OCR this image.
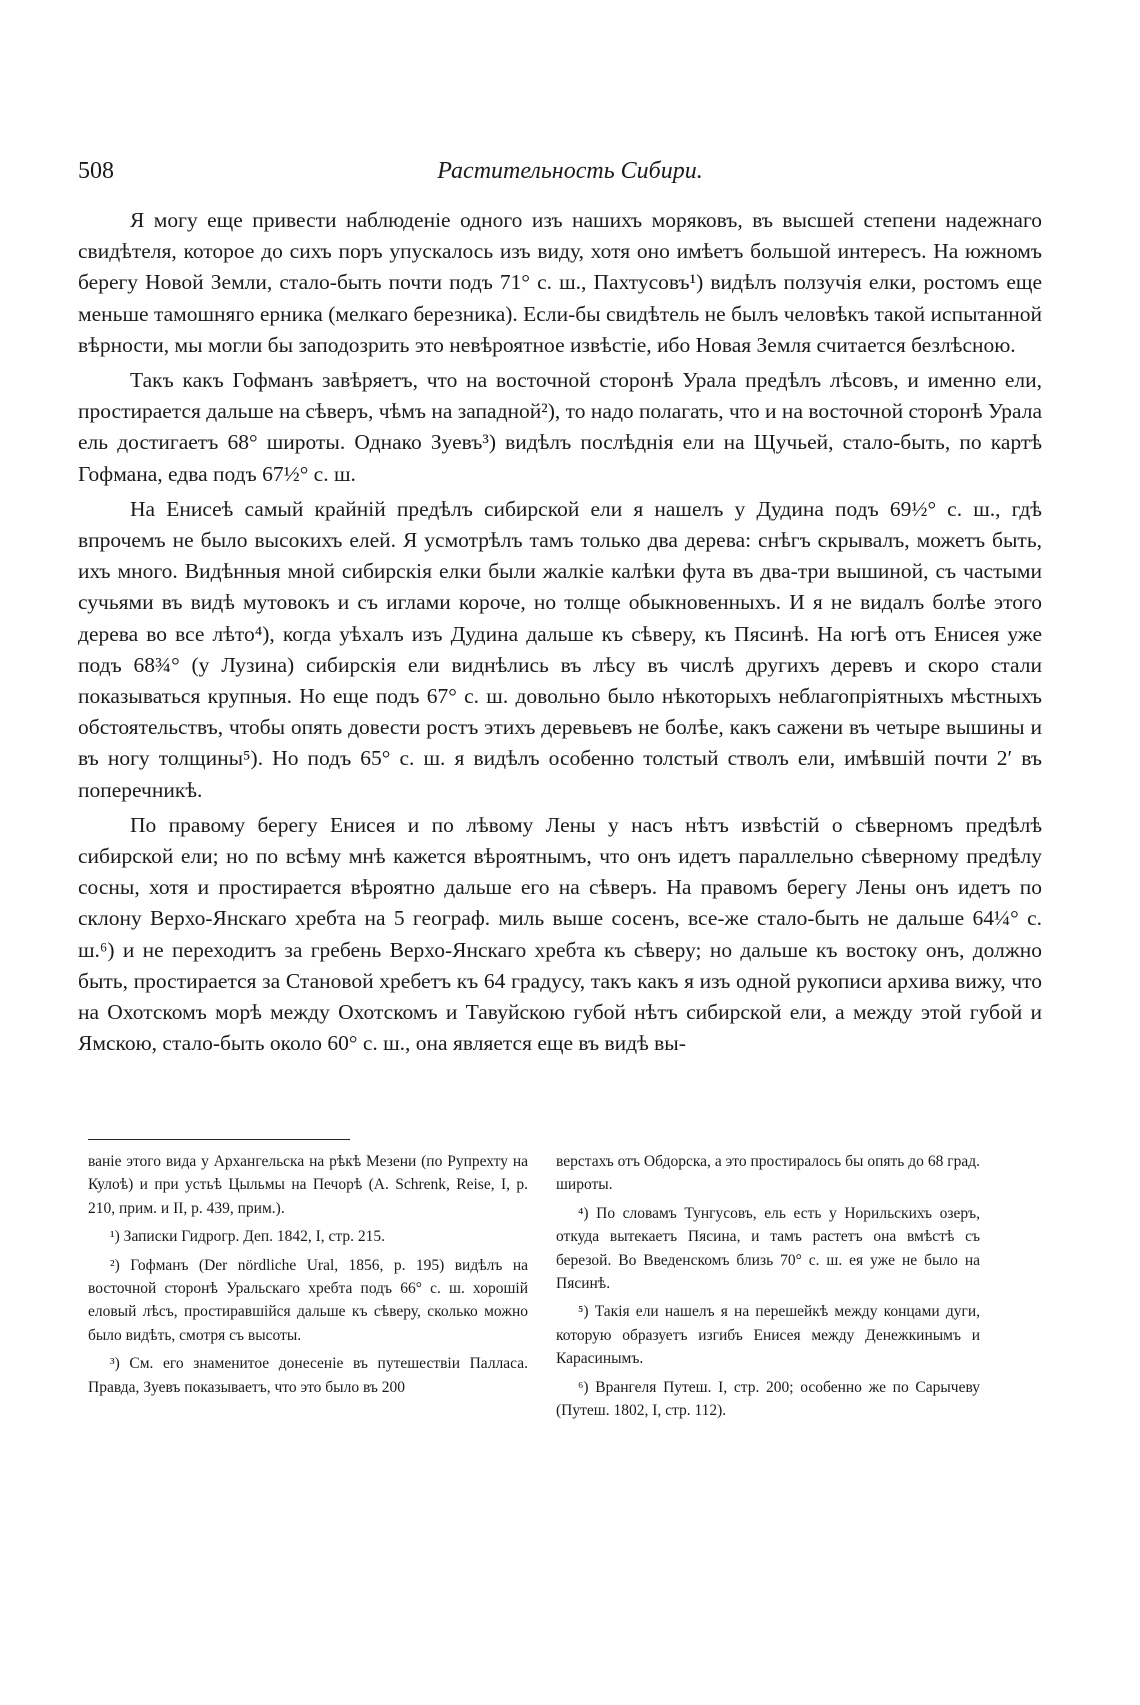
508	Растительность Сибири.

Я могу еще привести наблюденіе одного изъ нашихъ моряковъ, въ высшей степени надежнаго свидѣтеля, которое до сихъ поръ упускалось изъ виду, хотя оно имѣетъ большой интересъ. На южномъ берегу Новой Земли, стало-быть почти подъ 71° с. ш., Пахтусовъ¹) видѣлъ ползучія елки, ростомъ еще меньше тамошняго ерника (мелкаго березника). Если-бы свидѣтель не былъ человѣкъ такой испытанной вѣрности, мы могли бы заподозрить это невѣроятное извѣстіе, ибо Новая Земля считается безлѣсною.

Такъ какъ Гофманъ завѣряетъ, что на восточной сторонѣ Урала предѣлъ лѣсовъ, и именно ели, простирается дальше на сѣверъ, чѣмъ на западной²), то надо полагать, что и на восточной сторонѣ Урала ель достигаетъ 68° широты. Однако Зуевъ³) видѣлъ послѣднія ели на Щучьей, стало-быть, по картѣ Гофмана, едва подъ 67½° с. ш.

На Енисеѣ самый крайній предѣлъ сибирской ели я нашелъ у Дудина подъ 69½° с. ш., гдѣ впрочемъ не было высокихъ елей. Я усмотрѣлъ тамъ только два дерева: снѣгъ скрывалъ, можетъ быть, ихъ много. Видѣнныя мной сибирскія елки были жалкіе калѣки фута въ два-три вышиной, съ частыми сучьями въ видѣ мутовокъ и съ иглами короче, но толще обыкновенныхъ. И я не видалъ болѣе этого дерева во все лѣто⁴), когда уѣхалъ изъ Дудина дальше къ сѣверу, къ Пясинѣ. На югѣ отъ Енисея уже подъ 68¾° (у Лузина) сибирскія ели виднѣлись въ лѣсу въ числѣ другихъ деревъ и скоро стали показываться крупныя. Но еще подъ 67° с. ш. довольно было нѣкоторыхъ неблагопріятныхъ мѣстныхъ обстоятельствъ, чтобы опять довести ростъ этихъ деревьевъ не болѣе, какъ сажени въ четыре вышины и въ ногу толщины⁵). Но подъ 65° с. ш. я видѣлъ особенно толстый стволъ ели, имѣвшій почти 2′ въ поперечникѣ.

По правому берегу Енисея и по лѣвому Лены у насъ нѣтъ извѣстій о сѣверномъ предѣлѣ сибирской ели; но по всѣму мнѣ кажется вѣроятнымъ, что онъ идетъ параллельно сѣверному предѣлу сосны, хотя и простирается вѣроятно дальше его на сѣверъ. На правомъ берегу Лены онъ идетъ по склону Верхо-Янскаго хребта на 5 географ. миль выше сосенъ, все-же стало-быть не дальше 64¼° с. ш.⁶) и не переходитъ за гребень Верхо-Янскаго хребта къ сѣверу; но дальше къ востоку онъ, должно быть, простирается за Становой хребетъ къ 64 градусу, такъ какъ я изъ одной рукописи архива вижу, что на Охотскомъ морѣ между Охотскомъ и Тавуйскою губой нѣтъ сибирской ели, а между этой губой и Ямскою, стало-быть около 60° с. ш., она является еще въ видѣ вы-

ваніе этого вида у Архангельска на рѣкѣ Мезени (по Рупрехту на Кулоѣ) и при устьѣ Цыльмы на Печорѣ (A. Schrenk, Reise, I, p. 210, прим. и II, p. 439, прим.).

¹) Записки Гидрогр. Деп. 1842, I, стр. 215.

²) Гофманъ (Der nördliche Ural, 1856, p. 195) видѣлъ на восточной сторонѣ Уральскаго хребта подъ 66° с. ш. хорошій еловый лѣсъ, простиравшійся дальше къ сѣверу, сколько можно было видѣть, смотря съ высоты.

³) См. его знаменитое донесеніе въ путешествіи Палласа. Правда, Зуевъ показываетъ, что это было въ 200

верстахъ отъ Обдорска, а это простиралось бы опять до 68 град. широты.

⁴) По словамъ Тунгусовъ, ель есть у Норильскихъ озеръ, откуда вытекаетъ Пясина, и тамъ растетъ она вмѣстѣ съ березой. Во Введенскомъ близь 70° с. ш. ея уже не было на Пясинѣ.

⁵) Такія ели нашелъ я на перешейкѣ между концами дуги, которую образуетъ изгибъ Енисея между Денежкинымъ и Карасинымъ.

⁶) Врангеля Путеш. I, стр. 200; особенно же по Сарычеву (Путеш. 1802, I, стр. 112).
